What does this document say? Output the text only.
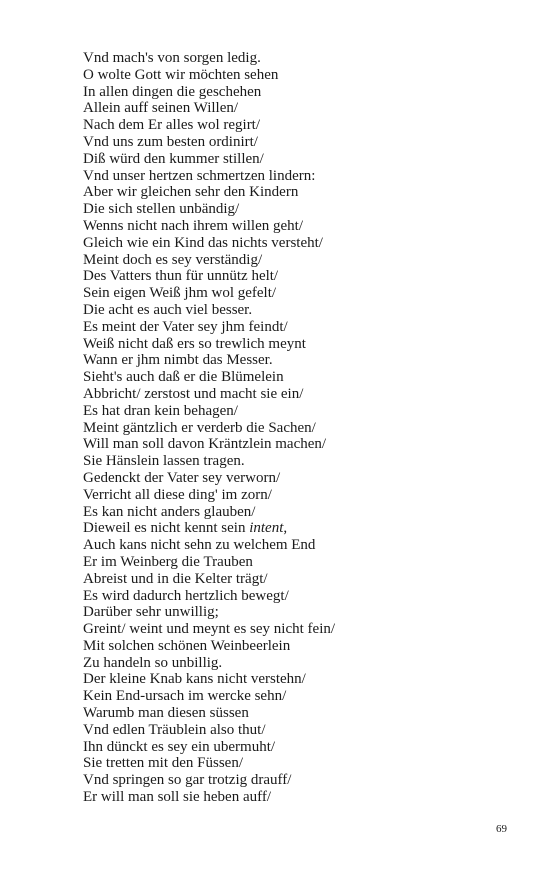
Vnd mach's von sorgen ledig.
O wolte Gott wir möchten sehen
In allen dingen die geschehen
Allein auff seinen Willen/
Nach dem Er alles wol regirt/
Vnd uns zum besten ordinirt/
Diß würd den kummer stillen/
Vnd unser hertzen schmertzen lindern:
Aber wir gleichen sehr den Kindern
Die sich stellen unbändig/
Wenns nicht nach ihrem willen geht/
Gleich wie ein Kind das nichts versteht/
Meint doch es sey verständig/
Des Vatters thun für unnütz helt/
Sein eigen Weiß jhm wol gefelt/
Die acht es auch viel besser.
Es meint der Vater sey jhm feindt/
Weiß nicht daß ers so trewlich meynt
Wann er jhm nimbt das Messer.
Sieht's auch daß er die Blümelein
Abbricht/ zerstost und macht sie ein/
Es hat dran kein behagen/
Meint gäntzlich er verderb die Sachen/
Will man soll davon Kräntzlein machen/
Sie Hänslein lassen tragen.
Gedenckt der Vater sey verworn/
Verricht all diese ding' im zorn/
Es kan nicht anders glauben/
Dieweil es nicht kennt sein intent,
Auch kans nicht sehn zu welchem End
Er im Weinberg die Trauben
Abreist und in die Kelter trägt/
Es wird dadurch hertzlich bewegt/
Darüber sehr unwillig;
Greint/ weint und meynt es sey nicht fein/
Mit solchen schönen Weinbeerlein
Zu handeln so unbillig.
Der kleine Knab kans nicht verstehn/
Kein End-ursach im wercke sehn/
Warumb man diesen süssen
Vnd edlen Träublein also thut/
Ihn dünckt es sey ein ubermuht/
Sie tretten mit den Füssen/
Vnd springen so gar trotzig drauff/
Er will man soll sie heben auff/
69
